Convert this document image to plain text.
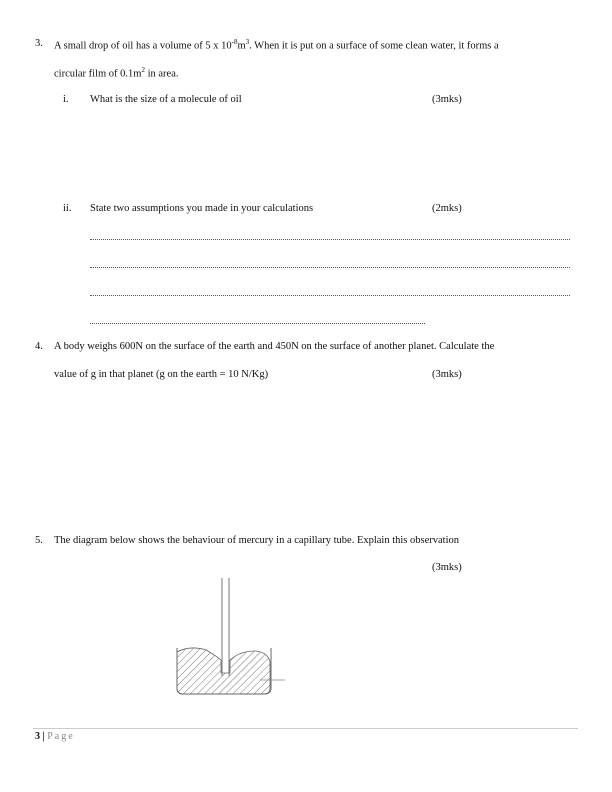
3. A small drop of oil has a volume of 5 x $10^{-8}m^3$. When it is put on a surface of some clean water, it forms a
circular film of $0.1m^2$ in area.
i. What is the size of a molecule of oil	(3mks)
ii. State two assumptions you made in your calculations	(2mks)
4. A body weighs 600N on the surface of the earth and 450N on the surface of another planet. Calculate the
value of g in that planet (g on the earth = 10 N/Kg)	(3mks)
5. The diagram below shows the behaviour of mercury in a capillary tube. Explain this observation
(3mks)
3 | Page
